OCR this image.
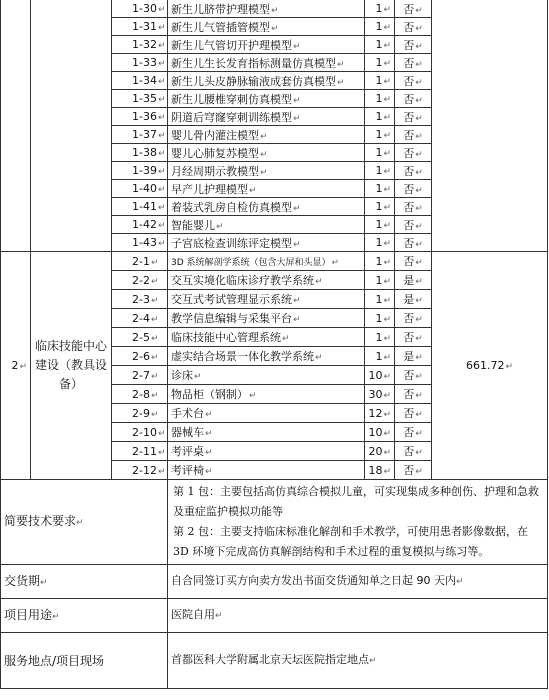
		1-30↵	新生儿脐带护理模型↵	1↵	否↵	
		1-31↵	新生儿气管插管模型↵	1↵	否↵	
		1-32↵	新生儿气管切开护理模型↵	1↵	否↵	
		1-33↵	新生儿生长发育指标测量仿真模型↵	1↵	否↵	
		1-34↵	新生儿头皮静脉输液成套仿真模型↵	1↵	否↵	
		1-35↵	新生儿腰椎穿刺仿真模型↵	1↵	否↵	
		1-36↵	阴道后穹窿穿刺训练模型↵	1↵	否↵	
		1-37↵	婴儿骨内灌注模型↵	1↵	否↵	
		1-38↵	婴儿心肺复苏模型↵	1↵	否↵	
		1-39↵	月经周期示教模型↵	1↵	否↵	
		1-40↵	早产儿护理模型↵	1↵	否↵	
		1-41↵	着装式乳房自检仿真模型↵	1↵	否↵	
		1-42↵	智能婴儿↵	1↵	否↵	
		1-43↵	子宫底检查训练评定模型↵	1↵	否↵	
2↵	临床技能中心建设（教具设备）	2-1↵	3D 系统解剖学系统（包含大屏和头显）↵	1↵	否↵	661.72↵
		2-2↵	交互实境化临床诊疗教学系统↵	1↵	是↵	
		2-3↵	交互式考试管理显示系统↵	1↵	是↵	
		2-4↵	教学信息编辑与采集平台↵	1↵	否↵	
		2-5↵	临床技能中心管理系统↵	1↵	否↵	
		2-6↵	虚实结合场景一体化教学系统↵	1↵	是↵	
		2-7↵	诊床↵	10↵	否↵	
		2-8↵	物品柜（钢制）↵	30↵	否↵	
		2-9↵	手术台↵	12↵	否↵	
		2-10↵	器械车↵	10↵	否↵	
		2-11↵	考评桌↵	20↵	否↵	
		2-12↵	考评椅↵	18↵	否↵	
简要技术要求↵			第 1 包：主要包括高仿真综合模拟儿童，可实现集成多种创伤、护理和急救及重症监护模拟功能等
第 2 包：主要支持临床标准化解剖和手术教学，可使用患者影像数据，在 3D 环境下完成高仿真解剖结构和手术过程的重复模拟与练习等。			

交货期↵			自合同签订买方向卖方发出书面交货通知单之日起 90 天内↵			
项目用途↵			医院自用↵			
服务地点/项目现场			首都医科大学附属北京天坛医院指定地点↵			
